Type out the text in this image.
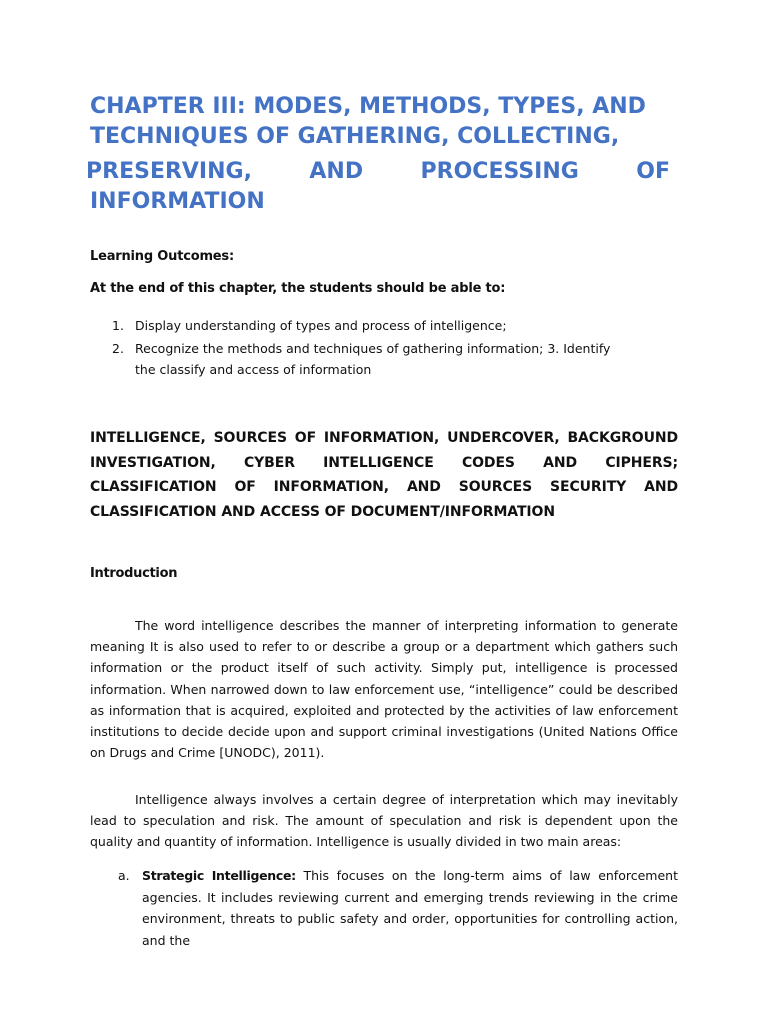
CHAPTER III: MODES, METHODS, TYPES, AND
TECHNIQUES OF GATHERING, COLLECTING,
PRESERVING,	AND	PROCESSING	OF
INFORMATION
Learning Outcomes:
At the end of this chapter, the students should be able to:
1. Display understanding of types and process of intelligence;
2. Recognize the methods and techniques of gathering information; 3. Identify the classify and access of information
INTELLIGENCE, SOURCES OF INFORMATION, UNDERCOVER, BACKGROUND INVESTIGATION, CYBER INTELLIGENCE CODES AND CIPHERS; CLASSIFICATION OF INFORMATION, AND SOURCES SECURITY AND CLASSIFICATION AND ACCESS OF DOCUMENT/INFORMATION
Introduction
The word intelligence describes the manner of interpreting information to generate meaning It is also used to refer to or describe a group or a department which gathers such information or the product itself of such activity. Simply put, intelligence is processed information. When narrowed down to law enforcement use, “intelligence” could be described as information that is acquired, exploited and protected by the activities of law enforcement institutions to decide decide upon and support criminal investigations (United Nations Office on Drugs and Crime [UNODC), 2011).
Intelligence always involves a certain degree of interpretation which may inevitably lead to speculation and risk. The amount of speculation and risk is dependent upon the quality and quantity of information. Intelligence is usually divided in two main areas:
a. Strategic Intelligence: This focuses on the long-term aims of law enforcement agencies. It includes reviewing current and emerging trends reviewing in the crime environment, threats to public safety and order, opportunities for controlling action, and the
